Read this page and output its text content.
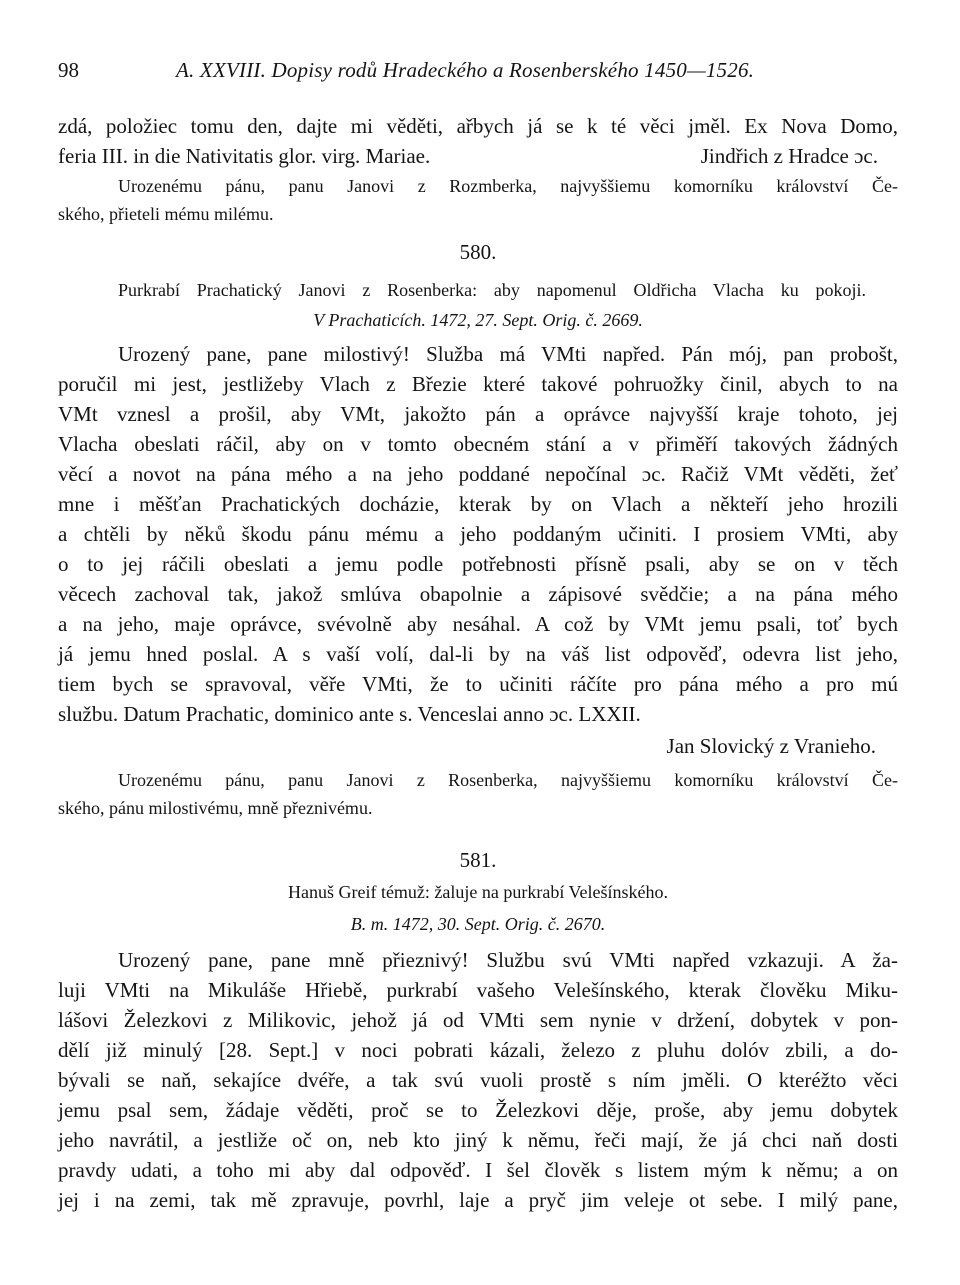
98	A. XXVIII. Dopisy rodů Hradeckého a Rosenberského 1450—1526.
zdá, položiec tomu den, dajte mi věděti, ařbych já se k té věci jměl. Ex Nova Domo,
feria III. in die Nativitatis glor. virg. Mariae.	Jindřich z Hradce ɔc.
Urozenému pánu, panu Janovi z Rozmberka, najvyššiemu komorníku království Če-
ského, přieteli mému milému.
580.
Purkrabí Prachatický Janovi z Rosenberka: aby napomenul Oldřicha Vlacha ku pokoji.
V Prachaticích. 1472, 27. Sept. Orig. č. 2669.
Urozený pane, pane milostivý! Služba má VMti napřed. Pán mój, pan probošt,
poručil mi jest, jestližeby Vlach z Březie které takové pohruožky činil, abych to na
VMt vznesl a prošil, aby VMt, jakožto pán a oprávce najvyšší kraje tohoto, jej
Vlacha obeslati ráčil, aby on v tomto obecném stání a v přiměří takových žádných
věcí a novot na pána mého a na jeho poddané nepočínal ɔc. Račiž VMt věděti, žeť
mne i měšťan Prachatických docházie, kterak by on Vlach a někteří jeho hrozili
a chtěli by něků škodu pánu mému a jeho poddaným učiniti. I prosiem VMti, aby
o to jej ráčili obeslati a jemu podle potřebnosti přísně psali, aby se on v těch
věcech zachoval tak, jakož smlúva obapolnie a zápisové svědčie; a na pána mého
a na jeho, maje oprávce, svévolně aby nesáhal. A což by VMt jemu psali, toť bych
já jemu hned poslal. A s vaší volí, dal-li by na váš list odpověď, odevra list jeho,
tiem bych se spravoval, věře VMti, že to učiniti ráčíte pro pána mého a pro mú
službu. Datum Prachatic, dominico ante s. Venceslai anno ɔc. LXXII.
Jan Slovický z Vranieho.
Urozenému pánu, panu Janovi z Rosenberka, najvyššiemu komorníku království Če-
ského, pánu milostivému, mně přeznivému.
581.
Hanuš Greif témuž: žaluje na purkrabí Velešínského.
B. m. 1472, 30. Sept. Orig. č. 2670.
Urozený pane, pane mně přieznivý! Službu svú VMti napřed vzkazuji. A ža-
luji VMti na Mikuláše Hřiebě, purkrabí vašeho Velešínského, kterak člověku Miku-
lášovi Železkovi z Milikovic, jehož já od VMti sem nynie v držení, dobytek v pon-
dělí již minulý [28. Sept.] v noci pobrati kázali, železo z pluhu dolóv zbili, a do-
bývali se naň, sekajíce dvéře, a tak svú vuoli prostě s ním jměli. O kteréžto věci
jemu psal sem, žádaje věděti, proč se to Železkovi děje, proše, aby jemu dobytek
jeho navrátil, a jestliže oč on, neb kto jiný k němu, řeči mají, že já chci naň dosti
pravdy udati, a toho mi aby dal odpověď. I šel člověk s listem mým k němu; a on
jej i na zemi, tak mě zpravuje, povrhl, laje a pryč jim veleje ot sebe. I milý pane,
